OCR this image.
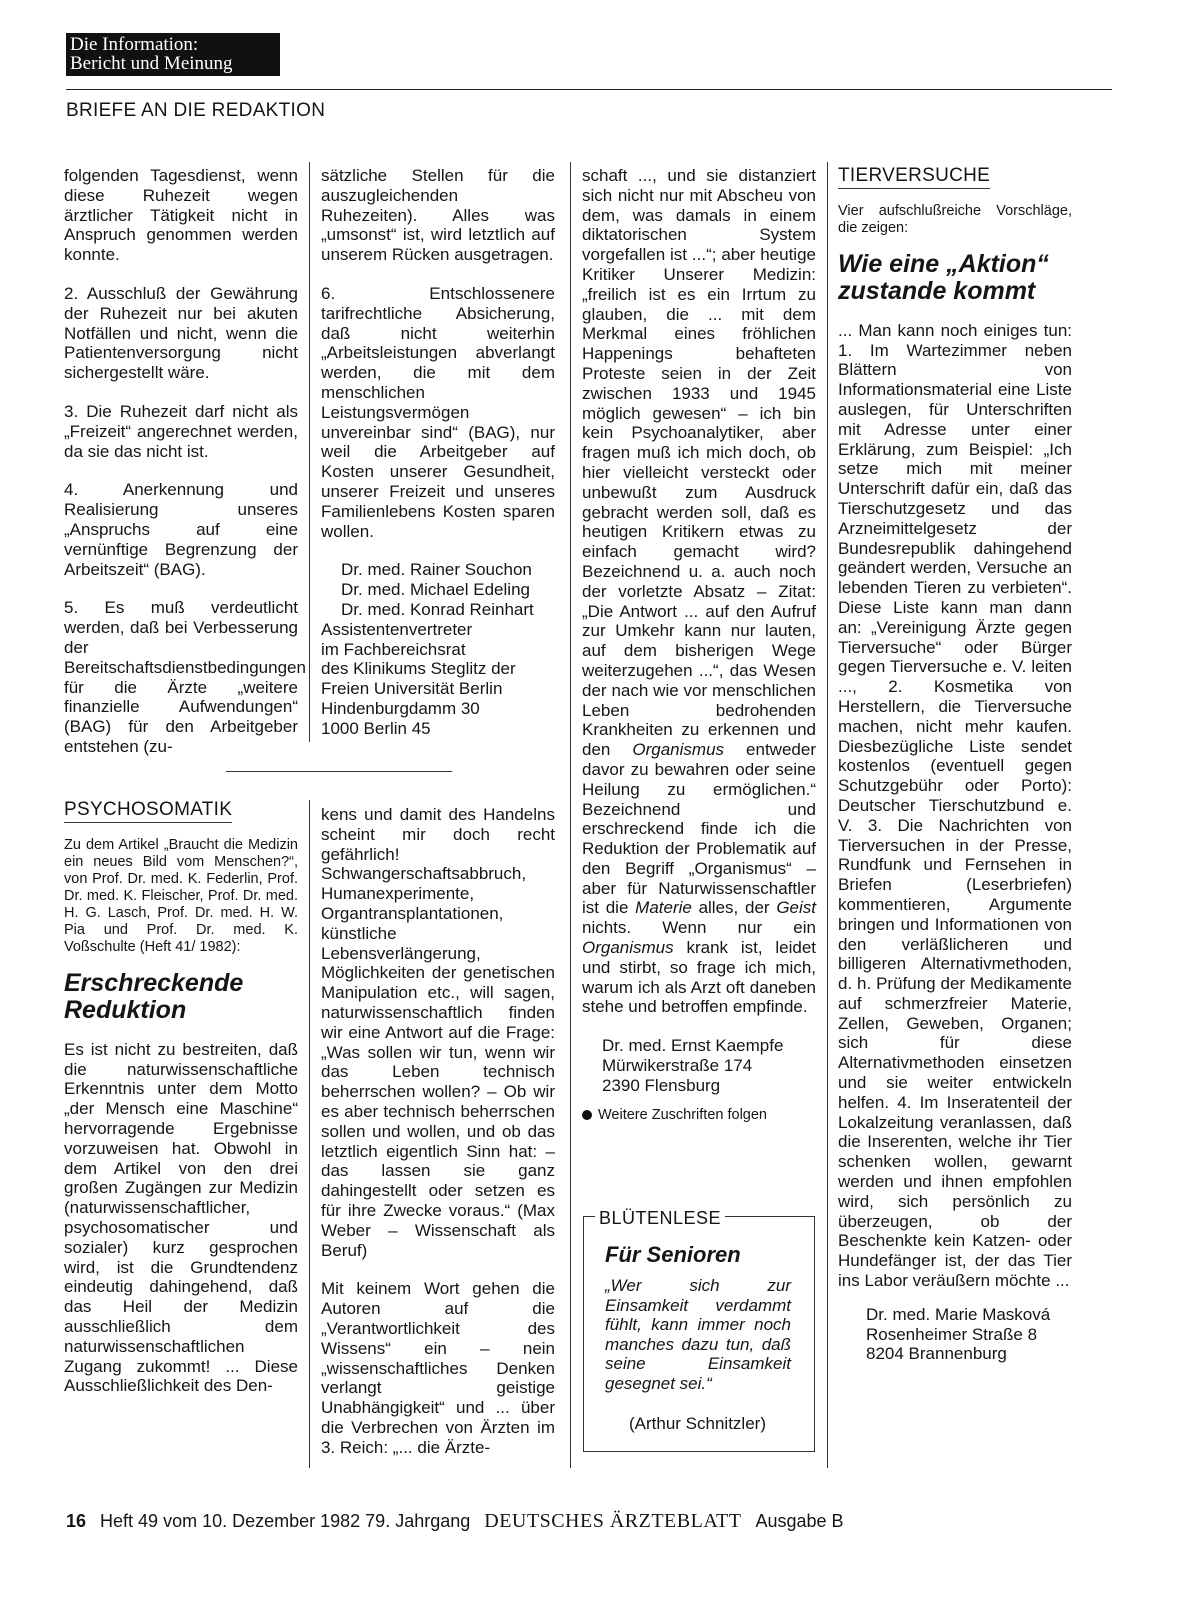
Die Information:
Bericht und Meinung
BRIEFE AN DIE REDAKTION

folgenden Tagesdienst, wenn diese Ruhezeit wegen ärztlicher Tätigkeit nicht in Anspruch genommen werden konnte.

2. Ausschluß der Gewährung der Ruhezeit nur bei akuten Notfällen und nicht, wenn die Patientenversorgung nicht sichergestellt wäre.

3. Die Ruhezeit darf nicht als „Freizeit“ angerechnet werden, da sie das nicht ist.

4. Anerkennung und Realisierung unseres „Anspruchs auf eine vernünftige Begrenzung der Arbeitszeit“ (BAG).

5. Es muß verdeutlicht werden, daß bei Verbesserung der Bereitschaftsdienstbedingungen für die Ärzte „weitere finanzielle Aufwendungen“ (BAG) für den Arbeitgeber entstehen (zu-

sätzliche Stellen für die auszugleichenden Ruhezeiten). Alles was „umsonst“ ist, wird letztlich auf unserem Rücken ausgetragen.

6. Entschlossenere tarifrechtliche Absicherung, daß nicht weiterhin „Arbeitsleistungen abverlangt werden, die mit dem menschlichen Leistungsvermögen unvereinbar sind“ (BAG), nur weil die Arbeitgeber auf Kosten unserer Gesundheit, unserer Freizeit und unseres Familienlebens Kosten sparen wollen.

Dr. med. Rainer Souchon
Dr. med. Michael Edeling
Dr. med. Konrad Reinhart
Assistentenvertreter
im Fachbereichsrat
des Klinikums Steglitz der
Freien Universität Berlin
Hindenburgdamm 30
1000 Berlin 45
PSYCHOSOMATIK
Zu dem Artikel „Braucht die Medizin ein neues Bild vom Menschen?“, von Prof. Dr. med. K. Federlin, Prof. Dr. med. K. Fleischer, Prof. Dr. med. H. G. Lasch, Prof. Dr. med. H. W. Pia und Prof. Dr. med. K. Voßschulte (Heft 41/ 1982):
Erschreckende Reduktion

Es ist nicht zu bestreiten, daß die naturwissenschaftliche Erkenntnis unter dem Motto „der Mensch eine Maschine“ hervorragende Ergebnisse vorzuweisen hat. Obwohl in dem Artikel von den drei großen Zugängen zur Medizin (naturwissenschaftlicher, psychosomatischer und sozialer) kurz gesprochen wird, ist die Grundtendenz eindeutig dahingehend, daß das Heil der Medizin ausschließlich dem naturwissenschaftlichen Zugang zukommt! ... Diese Ausschließlichkeit des Den-

kens und damit des Handelns scheint mir doch recht gefährlich! Schwangerschaftsabbruch, Humanexperimente, Organtransplantationen, künstliche Lebensverlängerung, Möglichkeiten der genetischen Manipulation etc., will sagen, naturwissenschaftlich finden wir eine Antwort auf die Frage: „Was sollen wir tun, wenn wir das Leben technisch beherrschen wollen? – Ob wir es aber technisch beherrschen sollen und wollen, und ob das letztlich eigentlich Sinn hat: – das lassen sie ganz dahingestellt oder setzen es für ihre Zwecke voraus.“ (Max Weber – Wissenschaft als Beruf)

Mit keinem Wort gehen die Autoren auf die „Verantwortlichkeit des Wissens“ ein – nein „wissenschaftliches Denken verlangt geistige Unabhängigkeit“ und ... über die Verbrechen von Ärzten im 3. Reich: „... die Ärzte-

schaft ..., und sie distanziert sich nicht nur mit Abscheu von dem, was damals in einem diktatorischen System vorgefallen ist ...“; aber heutige Kritiker Unserer Medizin: „freilich ist es ein Irrtum zu glauben, die ... mit dem Merkmal eines fröhlichen Happenings behafteten Proteste seien in der Zeit zwischen 1933 und 1945 möglich gewesen“ – ich bin kein Psychoanalytiker, aber fragen muß ich mich doch, ob hier vielleicht versteckt oder unbewußt zum Ausdruck gebracht werden soll, daß es heutigen Kritikern etwas zu einfach gemacht wird? Bezeichnend u. a. auch noch der vorletzte Absatz – Zitat: „Die Antwort ... auf den Aufruf zur Umkehr kann nur lauten, auf dem bisherigen Wege weiterzugehen ...“, das Wesen der nach wie vor menschlichen Leben bedrohenden Krankheiten zu erkennen und den Organismus entweder davor zu bewahren oder seine Heilung zu ermöglichen.“ Bezeichnend und erschreckend finde ich die Reduktion der Problematik auf den Begriff „Organismus“ – aber für Naturwissenschaftler ist die Materie alles, der Geist nichts. Wenn nur ein Organismus krank ist, leidet und stirbt, so frage ich mich, warum ich als Arzt oft daneben stehe und betroffen empfinde.

Dr. med. Ernst Kaempfe
Mürwikerstraße 174
2390 Flensburg
Weitere Zuschriften folgen
BLÜTENLESE
Für Senioren
„Wer sich zur Einsamkeit verdammt fühlt, kann immer noch manches dazu tun, daß seine Einsamkeit gesegnet sei.“
(Arthur Schnitzler)
TIERVERSUCHE
Vier aufschlußreiche Vorschläge, die zeigen:
Wie eine „Aktion“ zustande kommt

... Man kann noch einiges tun: 1. Im Wartezimmer neben Blättern von Informationsmaterial eine Liste auslegen, für Unterschriften mit Adresse unter einer Erklärung, zum Beispiel: „Ich setze mich mit meiner Unterschrift dafür ein, daß das Tierschutzgesetz und das Arzneimittelgesetz der Bundesrepublik dahingehend geändert werden, Versuche an lebenden Tieren zu verbieten“. Diese Liste kann man dann an: „Vereinigung Ärzte gegen Tierversuche“ oder Bürger gegen Tierversuche e. V. leiten ..., 2. Kosmetika von Herstellern, die Tierversuche machen, nicht mehr kaufen. Diesbezügliche Liste sendet kostenlos (eventuell gegen Schutzgebühr oder Porto): Deutscher Tierschutzbund e. V. 3. Die Nachrichten von Tierversuchen in der Presse, Rundfunk und Fernsehen in Briefen (Leserbriefen) kommentieren, Argumente bringen und Informationen von den verläßlicheren und billigeren Alternativmethoden, d. h. Prüfung der Medikamente auf schmerzfreier Materie, Zellen, Geweben, Organen; sich für diese Alternativmethoden einsetzen und sie weiter entwickeln helfen. 4. Im Inseratenteil der Lokalzeitung veranlassen, daß die Inserenten, welche ihr Tier schenken wollen, gewarnt werden und ihnen empfohlen wird, sich persönlich zu überzeugen, ob der Beschenkte kein Katzen- oder Hundefänger ist, der das Tier ins Labor veräußern möchte ...

Dr. med. Marie Masková
Rosenheimer Straße 8
8204 Brannenburg
16 Heft 49 vom 10. Dezember 1982 79. Jahrgang DEUTSCHES ÄRZTEBLATT Ausgabe B
